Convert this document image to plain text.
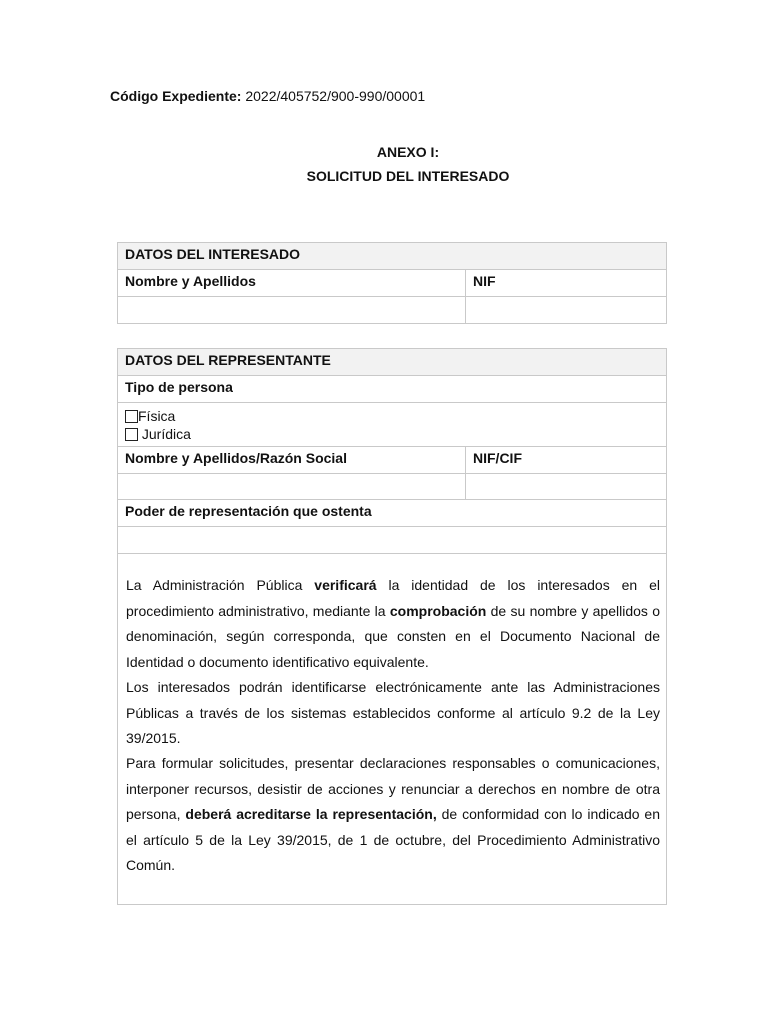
Código Expediente: 2022/405752/900-990/00001
ANEXO I:
SOLICITUD DEL INTERESADO
DATOS DEL INTERESADO
Nombre y Apellidos	NIF
DATOS DEL REPRESENTANTE
Tipo de persona
Física
Jurídica
Nombre y Apellidos/Razón Social	NIF/CIF
Poder de representación que ostenta

La Administración Pública verificará la identidad de los interesados en el procedimiento administrativo, mediante la comprobación de su nombre y apellidos o denominación, según corresponda, que consten en el Documento Nacional de Identidad o documento identificativo equivalente.

Los interesados podrán identificarse electrónicamente ante las Administraciones Públicas a través de los sistemas establecidos conforme al artículo 9.2 de la Ley 39/2015.

Para formular solicitudes, presentar declaraciones responsables o comunicaciones, interponer recursos, desistir de acciones y renunciar a derechos en nombre de otra persona, deberá acreditarse la representación, de conformidad con lo indicado en el artículo 5 de la Ley 39/2015, de 1 de octubre, del Procedimiento Administrativo Común.
